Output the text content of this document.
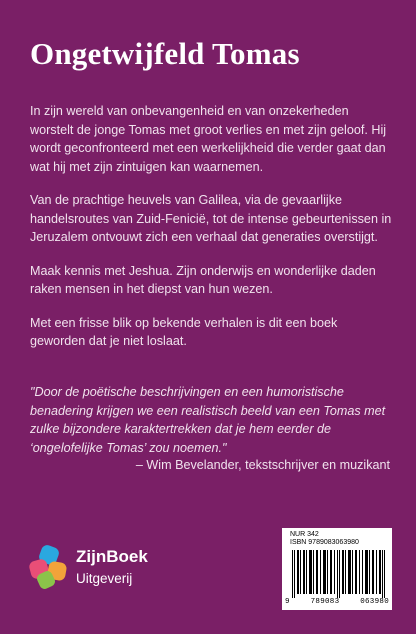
Ongetwijfeld Tomas

In zijn wereld van onbevangenheid en van onzekerheden worstelt de jonge Tomas met groot verlies en met zijn geloof. Hij wordt geconfronteerd met een werkelijkheid die verder gaat dan wat hij met zijn zintuigen kan waarnemen.

Van de prachtige heuvels van Galilea, via de gevaarlijke handelsroutes van Zuid-Fenicië, tot de intense gebeurtenissen in Jeruzalem ontvouwt zich een verhaal dat generaties overstijgt.

Maak kennis met Jeshua. Zijn onderwijs en wonderlijke daden raken mensen in het diepst van hun wezen.

Met een frisse blik op bekende verhalen is dit een boek geworden dat je niet loslaat.

"Door de poëtische beschrijvingen en een humoristische benadering krijgen we een realistisch beeld van een Tomas met zulke bijzondere karaktertrekken dat je hem eerder de ‘ongelofelijke Tomas’ zou noemen."
– Wim Bevelander, tekstschrijver en muzikant
ZijnBoek
Uitgeverij
NUR 342
ISBN 9789083063980
9	789083	063980
